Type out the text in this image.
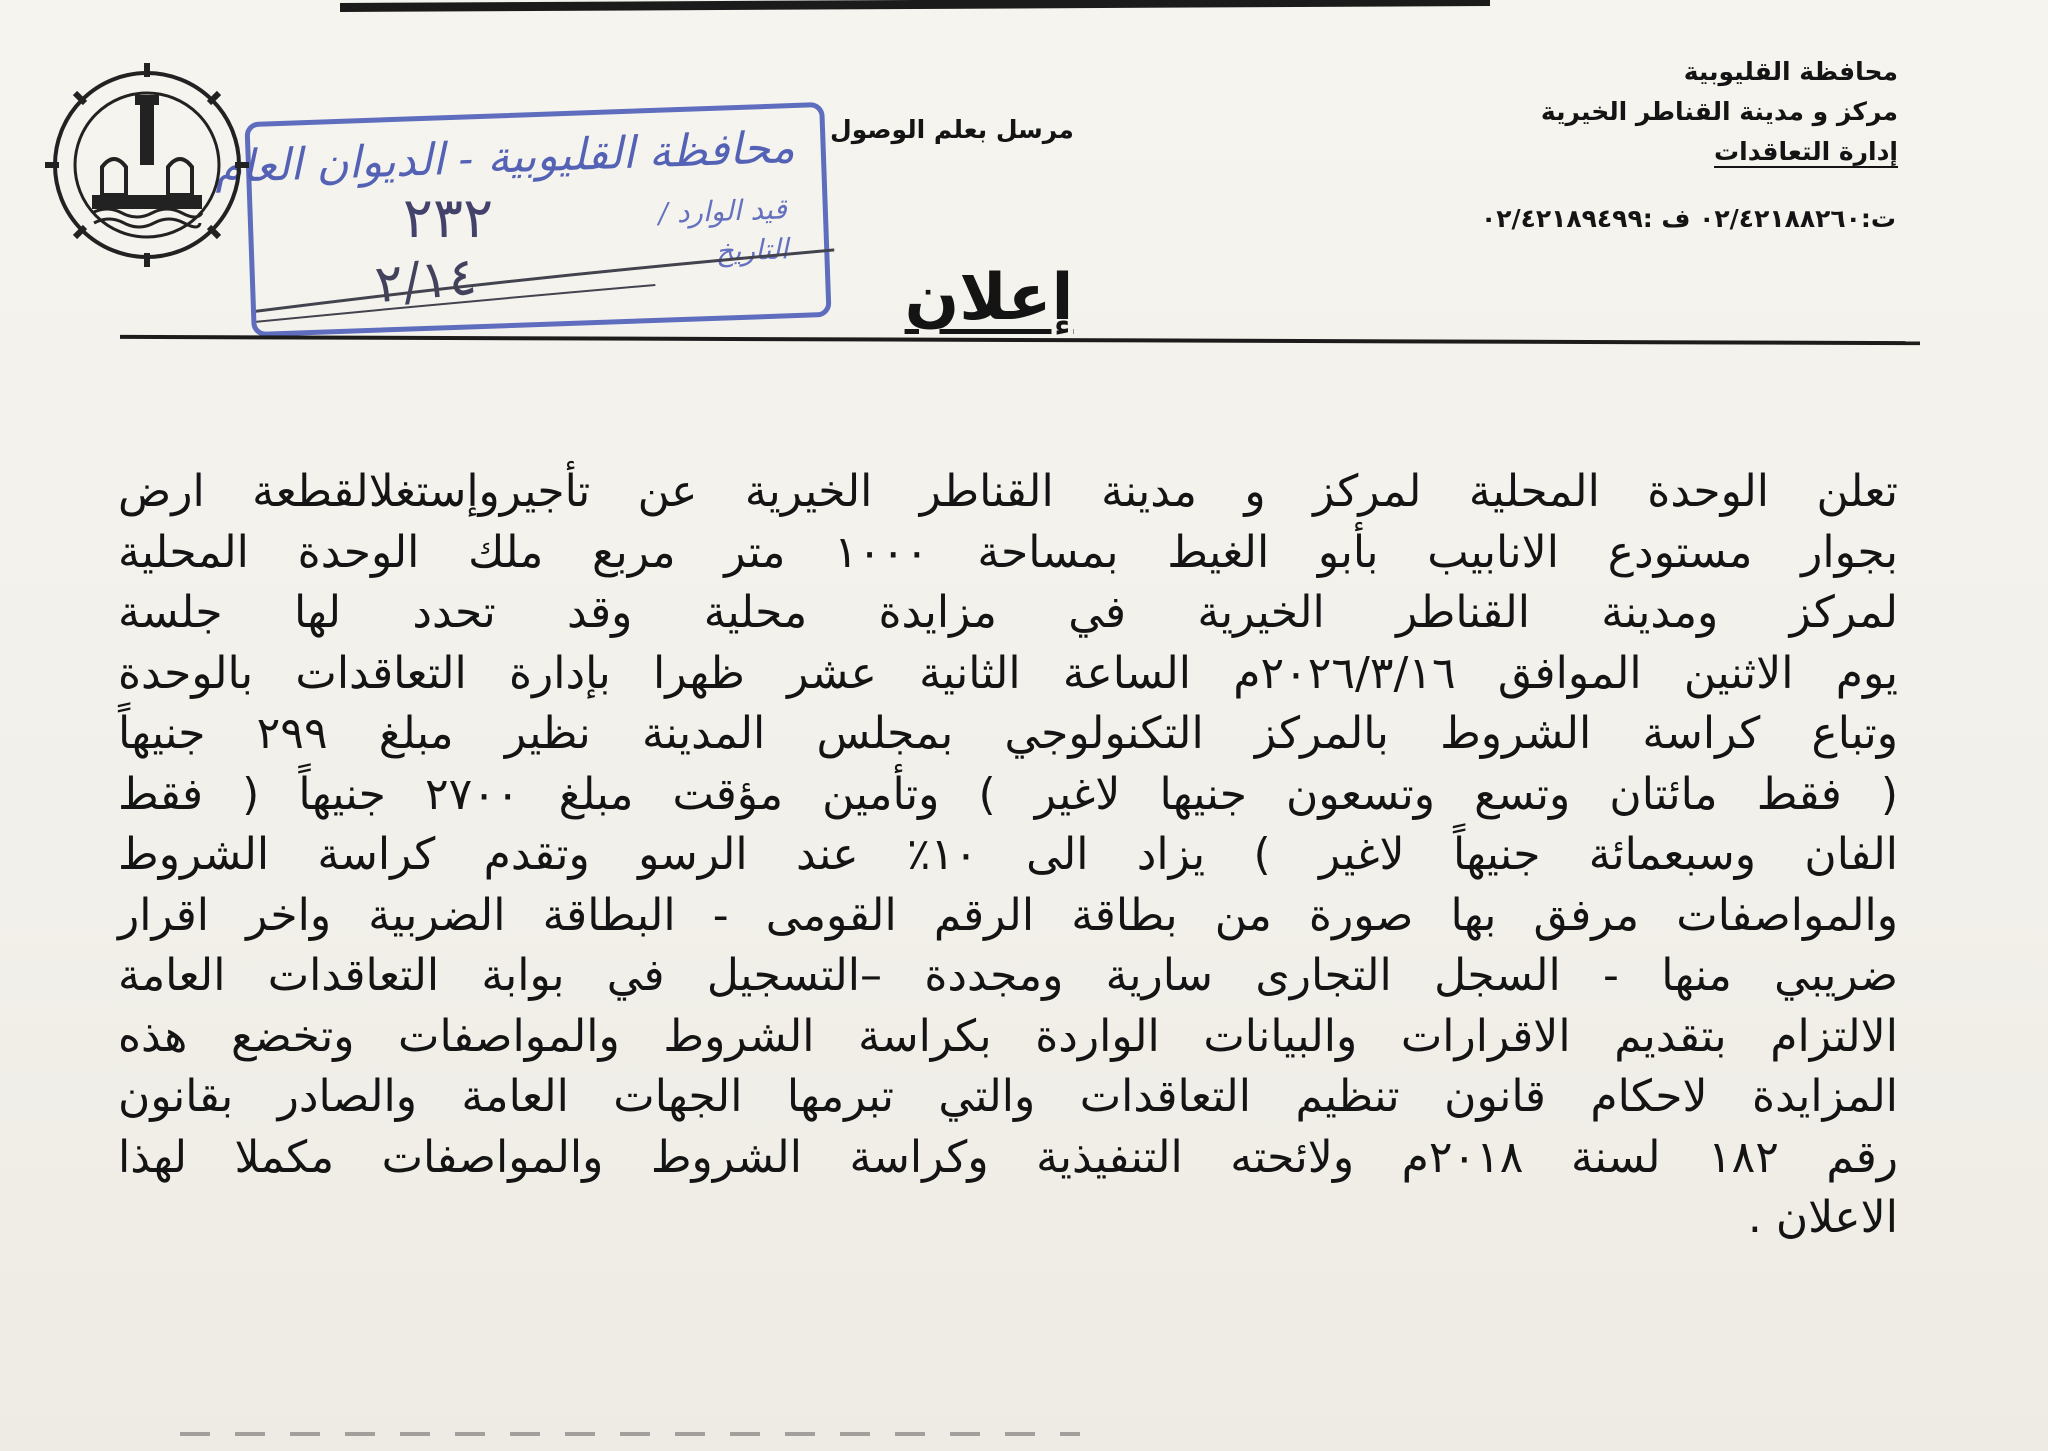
محافظة القليوبية
مركز و مدينة القناطر الخيرية
إدارة التعاقدات
ت:٠٢/٤٢١٨٨٢٦٠ ف :٠٢/٤٢١٨٩٤٩٩
مرسل بعلم الوصول
محافظة القليوبية - الديوان العام
قيد الوارد /
التاريخ
٢٣٢
٢/١٤	إعلان
تعلن الوحدة المحلية لمركز و مدينة القناطر الخيرية عن تأجيروإستغلالقطعة ارض
بجوار مستودع الانابيب بأبو الغيط بمساحة ١٠٠٠ متر مربع ملك الوحدة المحلية
لمركز ومدينة القناطر الخيرية في مزايدة محلية وقد تحدد لها جلسة
يوم الاثنين الموافق ٢٠٢٦/٣/١٦م الساعة الثانية عشر ظهرا بإدارة التعاقدات بالوحدة
وتباع كراسة الشروط بالمركز التكنولوجي بمجلس المدينة نظير مبلغ ٢٩٩ جنيهاً
( فقط مائتان وتسع وتسعون جنيها لاغير ) وتأمين مؤقت مبلغ ٢٧٠٠ جنيهاً ( فقط
الفان وسبعمائة جنيهاً لاغير ) يزاد الى ١٠٪ عند الرسو وتقدم كراسة الشروط
والمواصفات مرفق بها صورة من بطاقة الرقم القومى - البطاقة الضربية واخر اقرار
ضريبي منها - السجل التجارى سارية ومجددة –التسجيل في بوابة التعاقدات العامة
الالتزام بتقديم الاقرارات والبيانات الواردة بكراسة الشروط والمواصفات وتخضع هذه
المزايدة لاحكام قانون تنظيم التعاقدات والتي تبرمها الجهات العامة والصادر بقانون
رقم ١٨٢ لسنة ٢٠١٨م ولائحته التنفيذية وكراسة الشروط والمواصفات مكملا لهذا
الاعلان .
